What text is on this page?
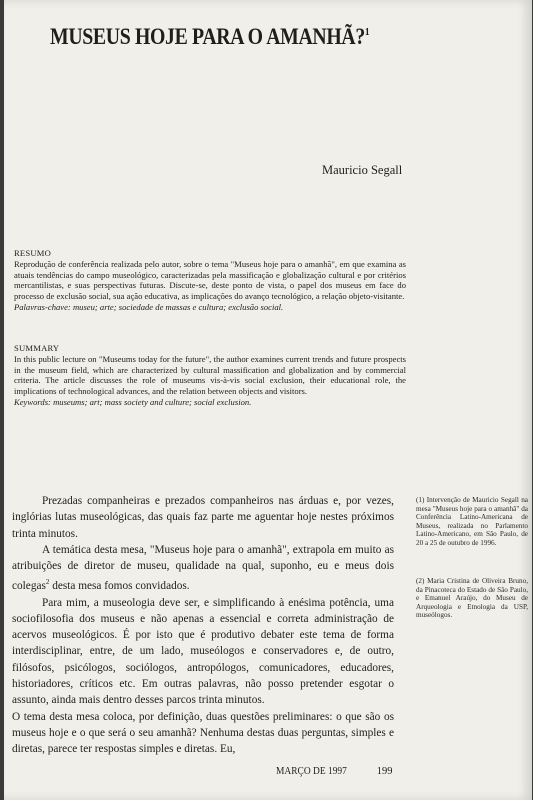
MUSEUS HOJE PARA O AMANHÃ?$^1$
Mauricio Segall
RESUMO
Reprodução de conferência realizada pelo autor, sobre o tema "Museus hoje para o amanhã", em que examina as atuais tendências do campo museológico, caracterizadas pela massificação e globalização cultural e por critérios mercantilistas, e suas perspectivas futuras. Discute-se, deste ponto de vista, o papel dos museus em face do processo de exclusão social, sua ação educativa, as implicações do avanço tecnológico, a relação objeto-visitante.
Palavras-chave: museu; arte; sociedade de massas e cultura; exclusão social.
SUMMARY
In this public lecture on "Museums today for the future", the author examines current trends and future prospects in the museum field, which are characterized by cultural massification and globalization and by commercial criteria. The article discusses the role of museums vis-à-vis social exclusion, their educational role, the implications of technological advances, and the relation between objects and visitors.
Keywords: museums; art; mass society and culture; social exclusion.

Prezadas companheiras e prezados companheiros nas árduas e, por vezes, inglórias lutas museológicas, das quais faz parte me aguentar hoje nestes próximos trinta minutos.

A temática desta mesa, "Museus hoje para o amanhã", extrapola em muito as atribuições de diretor de museu, qualidade na qual, suponho, eu e meus dois colegas$^2$ desta mesa fomos convidados.

Para mim, a museologia deve ser, e simplificando à enésima potência, uma sociofilosofia dos museus e não apenas a essencial e correta administração de acervos museológicos. É por isto que é produtivo debater este tema de forma interdisciplinar, entre, de um lado, museólogos e conservadores e, de outro, filósofos, psicólogos, sociólogos, antropólogos, comunicadores, educadores, historiadores, críticos etc. Em outras palavras, não posso pretender esgotar o assunto, ainda mais dentro desses parcos trinta minutos.

O tema desta mesa coloca, por definição, duas questões preliminares: o que são os museus hoje e o que será o seu amanhã? Nenhuma destas duas perguntas, simples e diretas, parece ter respostas simples e diretas. Eu,

(1) Intervenção de Mauricio Segall na mesa "Museus hoje para o amanhã" da Conferência Latino-Americana de Museus, realizada no Parlamento Latino-Americano, em São Paulo, de 20 a 25 de outubro de 1996.
(2) Maria Cristina de Oliveira Bruno, da Pinacoteca do Estado de São Paulo, e Emanuel Araújo, do Museu de Arqueologia e Etnologia da USP, museólogos.
MARÇO DE 1997	199
